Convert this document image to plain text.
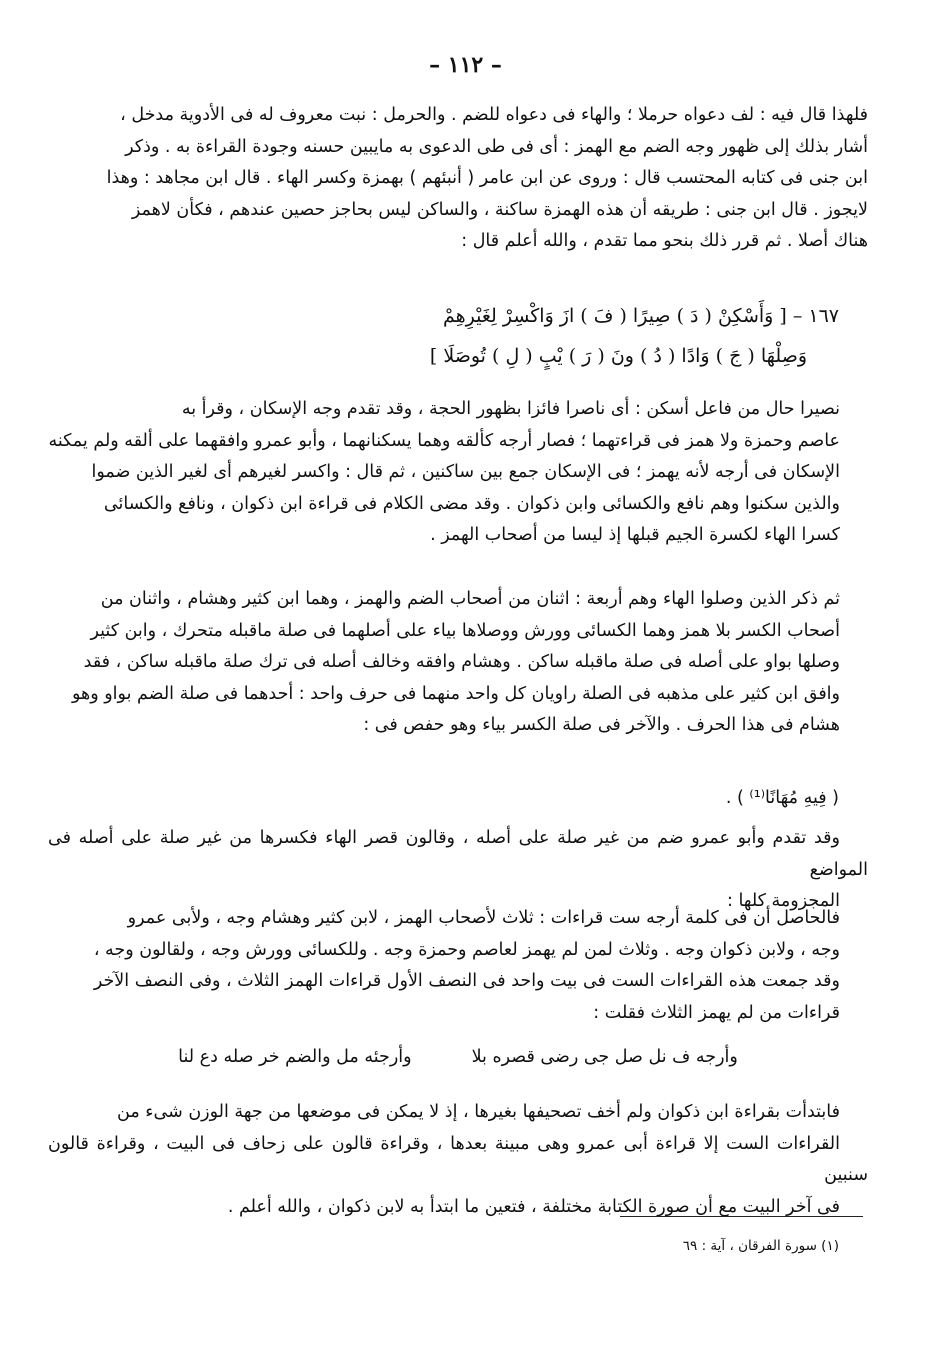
– ١١٢ –
فلهذا قال فيه : لف دعواه حرملا ؛ والهاء فى دعواه للضم . والحرمل : نبت معروف له فى الأدوية مدخل ،
أشار بذلك إلى ظهور وجه الضم مع الهمز : أى فى طى الدعوى به مايبين حسنه وجودة القراءة به . وذكر
ابن جنى فى كتابه المحتسب قال : وروى عن ابن عامر ( أنبئهم ) بهمزة وكسر الهاء . قال ابن مجاهد : وهذا
لايجوز . قال ابن جنى : طريقه أن هذه الهمزة ساكنة ، والساكن ليس بحاجز حصين عندهم ، فكأن لاهمز
هناك أصلا . ثم قرر ذلك بنحو مما تقدم ، والله أعلم قال :
١٦٧ – [ وَأَسْكِنْ ( دَ ) صِيرًا ( فَ ) ازَ وَاكْسِرْ لِغَيْرِهِمْ
وَصِلْهَا ( جَ ) وَادًا ( دُ ) ونَ ( رَ ) يْبٍ ( لِ ) تُوصَلَا ]
نصيرا حال من فاعل أسكن : أى ناصرا فائزا بظهور الحجة ، وقد تقدم وجه الإسكان ، وقرأ به
عاصم وحمزة ولا همز فى قراءتهما ؛ فصار أرجه كألقه وهما يسكنانهما ، وأبو عمرو وافقهما على ألقه ولم يمكنه
الإسكان فى أرجه لأنه يهمز ؛ فى الإسكان جمع بين ساكنين ، ثم قال : واكسر لغيرهم أى لغير الذين ضموا
والذين سكنوا وهم نافع والكسائى وابن ذكوان . وقد مضى الكلام فى قراءة ابن ذكوان ، ونافع والكسائى
كسرا الهاء لكسرة الجيم قبلها إذ ليسا من أصحاب الهمز .
ثم ذكر الذين وصلوا الهاء وهم أربعة : اثنان من أصحاب الضم والهمز ، وهما ابن كثير وهشام ، واثنان من
أصحاب الكسر بلا همز وهما الكسائى وورش ووصلاها بياء على أصلهما فى صلة ماقبله متحرك ، وابن كثير
وصلها بواو على أصله فى صلة ماقبله ساكن . وهشام وافقه وخالف أصله فى ترك صلة ماقبله ساكن ، فقد
وافق ابن كثير على مذهبه فى الصلة راويان كل واحد منهما فى حرف واحد : أحدهما فى صلة الضم بواو وهو
هشام فى هذا الحرف . والآخر فى صلة الكسر بياء وهو حفص فى :
( فِيهِ مُهَانًا⁽¹⁾ ) .
وقد تقدم وأبو عمرو ضم من غير صلة على أصله ، وقالون قصر الهاء فكسرها من غير صلة على أصله فى المواضع
المجزومة كلها :
فالحاصل أن فى كلمة أرجه ست قراءات : ثلاث لأصحاب الهمز ، لابن كثير وهشام وجه ، ولأبى عمرو
وجه ، ولابن ذكوان وجه . وثلاث لمن لم يهمز لعاصم وحمزة وجه . وللكسائى وورش وجه ، ولقالون وجه ،
وقد جمعت هذه القراءات الست فى بيت واحد فى النصف الأول قراءات الهمز الثلاث ، وفى النصف الآخر
قراءات من لم يهمز الثلاث فقلت :
وأرجئه مل والضم خر صله دع لنا	وأرجه ف نل صل جى رضى قصره بلا
فابتدأت بقراءة ابن ذكوان ولم أخف تصحيفها بغيرها ، إذ لا يمكن فى موضعها من جهة الوزن شىء من
القراءات الست إلا قراءة أبى عمرو وهى مبينة بعدها ، وقراءة قالون على زحاف فى البيت ، وقراءة قالون سنبين
فى آخر البيت مع أن صورة الكتابة مختلفة ، فتعين ما ابتدأ به لابن ذكوان ، والله أعلم .
(١) سورة الفرقان ، آية : ٦٩
